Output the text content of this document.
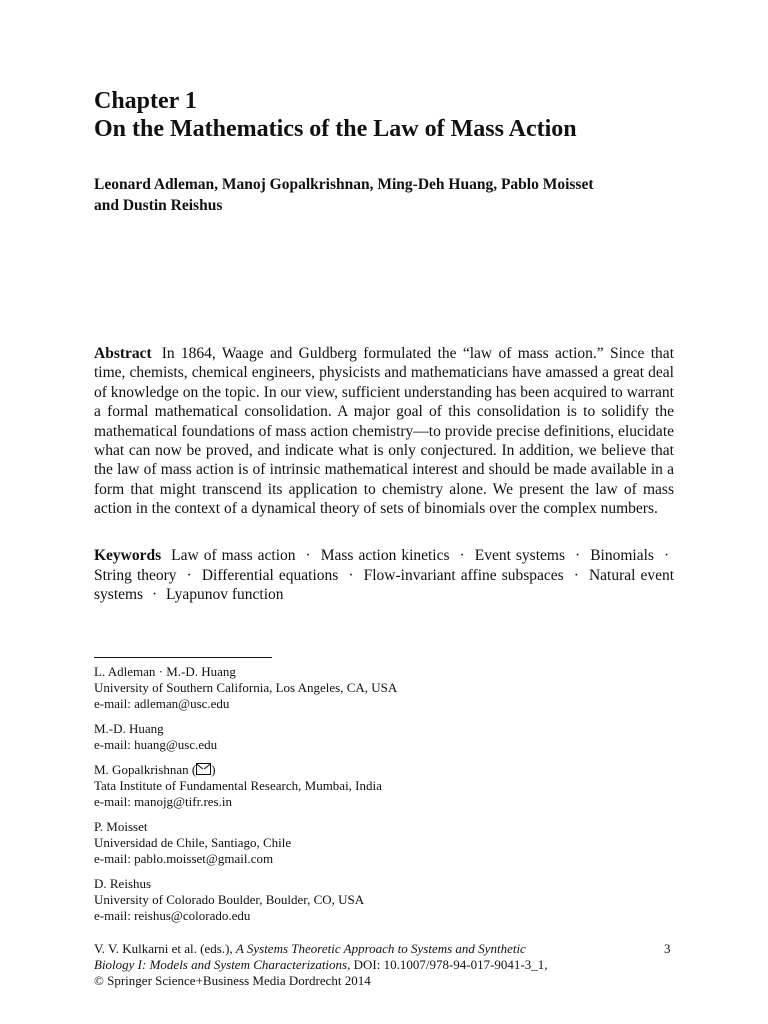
Chapter 1
On the Mathematics of the Law of Mass Action
Leonard Adleman, Manoj Gopalkrishnan, Ming-Deh Huang, Pablo Moisset
and Dustin Reishus
Abstract In 1864, Waage and Guldberg formulated the “law of mass action.” Since that time, chemists, chemical engineers, physicists and mathematicians have amassed a great deal of knowledge on the topic. In our view, sufficient understanding has been acquired to warrant a formal mathematical consolidation. A major goal of this consolidation is to solidify the mathematical foundations of mass action chemistry—to provide precise definitions, elucidate what can now be proved, and indicate what is only conjectured. In addition, we believe that the law of mass action is of intrinsic mathematical interest and should be made available in a form that might transcend its application to chemistry alone. We present the law of mass action in the context of a dynamical theory of sets of binomials over the complex numbers.
Keywords Law of mass action · Mass action kinetics · Event systems · Binomials · String theory · Differential equations · Flow-invariant affine subspaces · Natural event systems · Lyapunov function
L. Adleman · M.-D. Huang
University of Southern California, Los Angeles, CA, USA
e-mail: adleman@usc.edu
M.-D. Huang
e-mail: huang@usc.edu
M. Gopalkrishnan ( )
Tata Institute of Fundamental Research, Mumbai, India
e-mail: manojg@tifr.res.in
P. Moisset
Universidad de Chile, Santiago, Chile
e-mail: pablo.moisset@gmail.com
D. Reishus
University of Colorado Boulder, Boulder, CO, USA
e-mail: reishus@colorado.edu
V. V. Kulkarni et al. (eds.), A Systems Theoretic Approach to Systems and Synthetic
Biology I: Models and System Characterizations, DOI: 10.1007/978-94-017-9041-3_1,
© Springer Science+Business Media Dordrecht 2014
3
